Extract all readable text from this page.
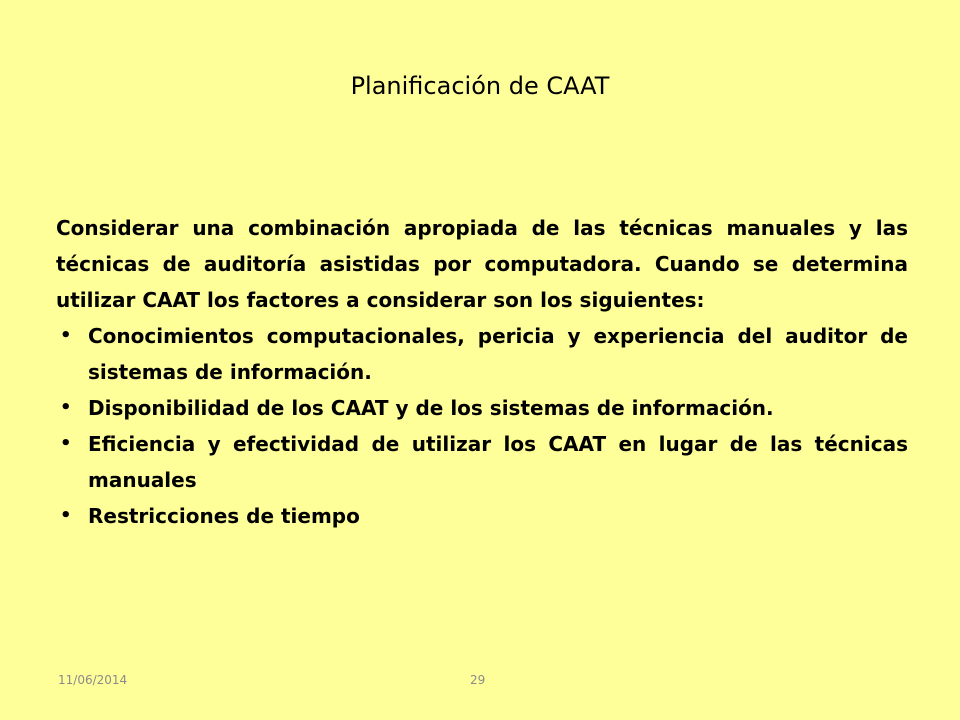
Planificación de CAAT

Considerar una combinación apropiada de las técnicas manuales y las técnicas de auditoría asistidas por computadora. Cuando se determina utilizar CAAT los factores a considerar son los siguientes:

• Conocimientos computacionales, pericia y experiencia del auditor de sistemas de información.
• Disponibilidad de los CAAT y de los sistemas de información.
• Eficiencia y efectividad de utilizar los CAAT en lugar de las técnicas manuales
• Restricciones de tiempo
11/06/2014	29
